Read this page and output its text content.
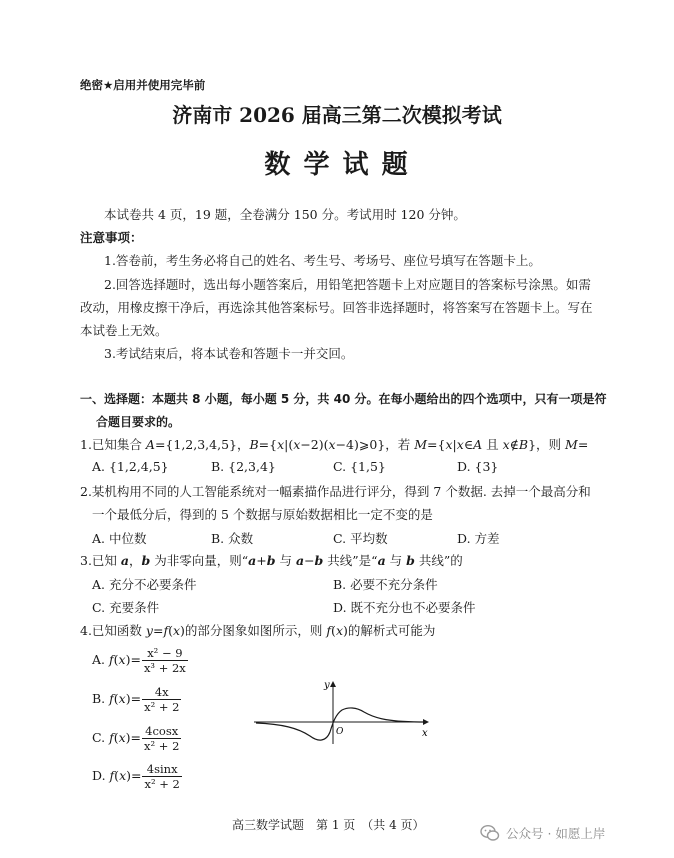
绝密★启用并使用完毕前
济南市 2026 届高三第二次模拟考试
数 学 试 题
本试卷共 4 页，19 题，全卷满分 150 分。考试用时 120 分钟。
注意事项：
1.答卷前，考生务必将自己的姓名、考生号、考场号、座位号填写在答题卡上。
2.回答选择题时，选出每小题答案后，用铅笔把答题卡上对应题目的答案标号涂黑。如需
改动，用橡皮擦干净后，再选涂其他答案标号。回答非选择题时，将答案写在答题卡上。写在
本试卷上无效。
3.考试结束后，将本试卷和答题卡一并交回。
一、选择题：本题共 8 小题，每小题 5 分，共 40 分。在每小题给出的四个选项中，只有一项是符
合题目要求的。
1.已知集合 A={1,2,3,4,5}，B={x|(x−2)(x−4)⩾0}，若 M={x|x∈A 且 x∉B}，则 M=
A. {1,2,4,5}	B. {2,3,4}	C. {1,5}	D. {3}
2.某机构用不同的人工智能系统对一幅素描作品进行评分，得到 7 个数据. 去掉一个最高分和
一个最低分后，得到的 5 个数据与原始数据相比一定不变的是
A. 中位数	B. 众数	C. 平均数	D. 方差
3.已知 a，b 为非零向量，则“a+b 与 a−b 共线”是“a 与 b 共线”的
A. 充分不必要条件	B. 必要不充分条件
C. 充要条件	D. 既不充分也不必要条件
4.已知函数 y=f(x)的部分图象如图所示，则 f(x)的解析式可能为
A. $f(x)= \frac{\text{x² − 9}}{\text{x³ + 2x}}$
B. $f(x)= \frac{4x}{\text{x² + 2}}$
C. $f(x)= \frac{4\cos x}{\text{x² + 2}}$
D. $f(x)= \frac{4\sin x}{\text{x² + 2}}$
y
O	x
高三数学试题　第 1 页　（共 4 页）
公众号 · 如愿上岸
